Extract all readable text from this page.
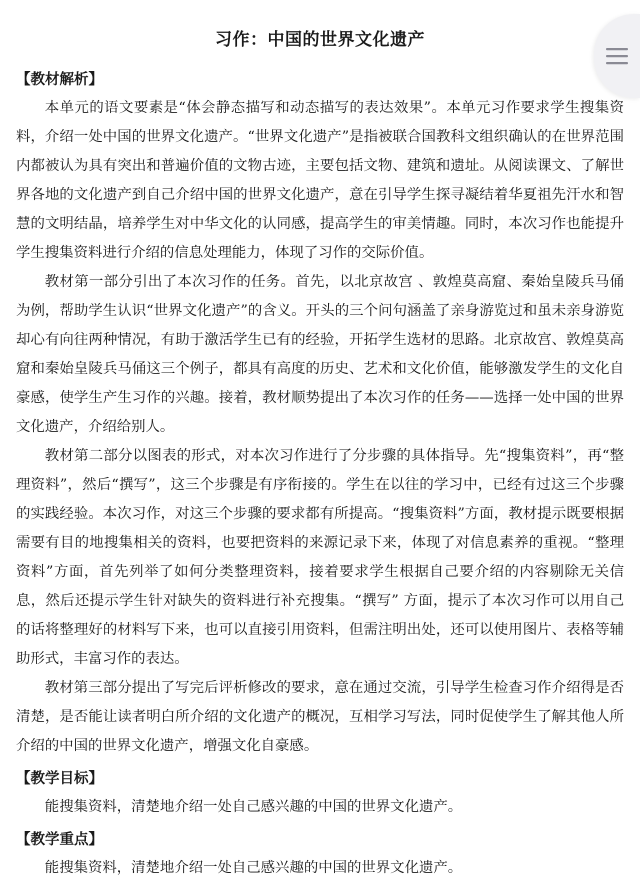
习作：中国的世界文化遗产
【教材解析】

本单元的语文要素是“体会静态描写和动态描写的表达效果”。本单元习作要求学生搜集资料，介绍一处中国的世界文化遗产。“世界文化遗产”是指被联合国教科文组织确认的在世界范围内都被认为具有突出和普遍价值的文物古迹，主要包括文物、建筑和遗址。从阅读课文、了解世界各地的文化遗产到自己介绍中国的世界文化遗产，意在引导学生探寻凝结着华夏祖先汗水和智慧的文明结晶，培养学生对中华文化的认同感，提高学生的审美情趣。同时，本次习作也能提升学生搜集资料进行介绍的信息处理能力，体现了习作的交际价值。

教材第一部分引出了本次习作的任务。首先，以北京故宫 、敦煌莫高窟、秦始皇陵兵马俑为例，帮助学生认识“世界文化遗产”的含义。开头的三个问句涵盖了亲身游览过和虽未亲身游览却心有向往两种情况，有助于激活学生已有的经验，开拓学生选材的思路。北京故宫、敦煌莫高窟和秦始皇陵兵马俑这三个例子，都具有高度的历史、艺术和文化价值，能够激发学生的文化自豪感，使学生产生习作的兴趣。接着，教材顺势提出了本次习作的任务——选择一处中国的世界文化遗产，介绍给别人。

教材第二部分以图表的形式，对本次习作进行了分步骤的具体指导。先“搜集资料”，再“整理资料”，然后“撰写”，这三个步骤是有序衔接的。学生在以往的学习中，已经有过这三个步骤的实践经验。本次习作，对这三个步骤的要求都有所提高。“搜集资料”方面，教材提示既要根据需要有目的地搜集相关的资料，也要把资料的来源记录下来，体现了对信息素养的重视。“整理资料”方面，首先列举了如何分类整理资料，接着要求学生根据自己要介绍的内容剔除无关信息，然后还提示学生针对缺失的资料进行补充搜集。“撰写” 方面，提示了本次习作可以用自己的话将整理好的材料写下来，也可以直接引用资料，但需注明出处，还可以使用图片、表格等辅助形式，丰富习作的表达。

教材第三部分提出了写完后评析修改的要求，意在通过交流，引导学生检查习作介绍得是否清楚，是否能让读者明白所介绍的文化遗产的概况，互相学习写法，同时促使学生了解其他人所介绍的中国的世界文化遗产，增强文化自豪感。

【教学目标】

能搜集资料，清楚地介绍一处自己感兴趣的中国的世界文化遗产。

【教学重点】

能搜集资料，清楚地介绍一处自己感兴趣的中国的世界文化遗产。
